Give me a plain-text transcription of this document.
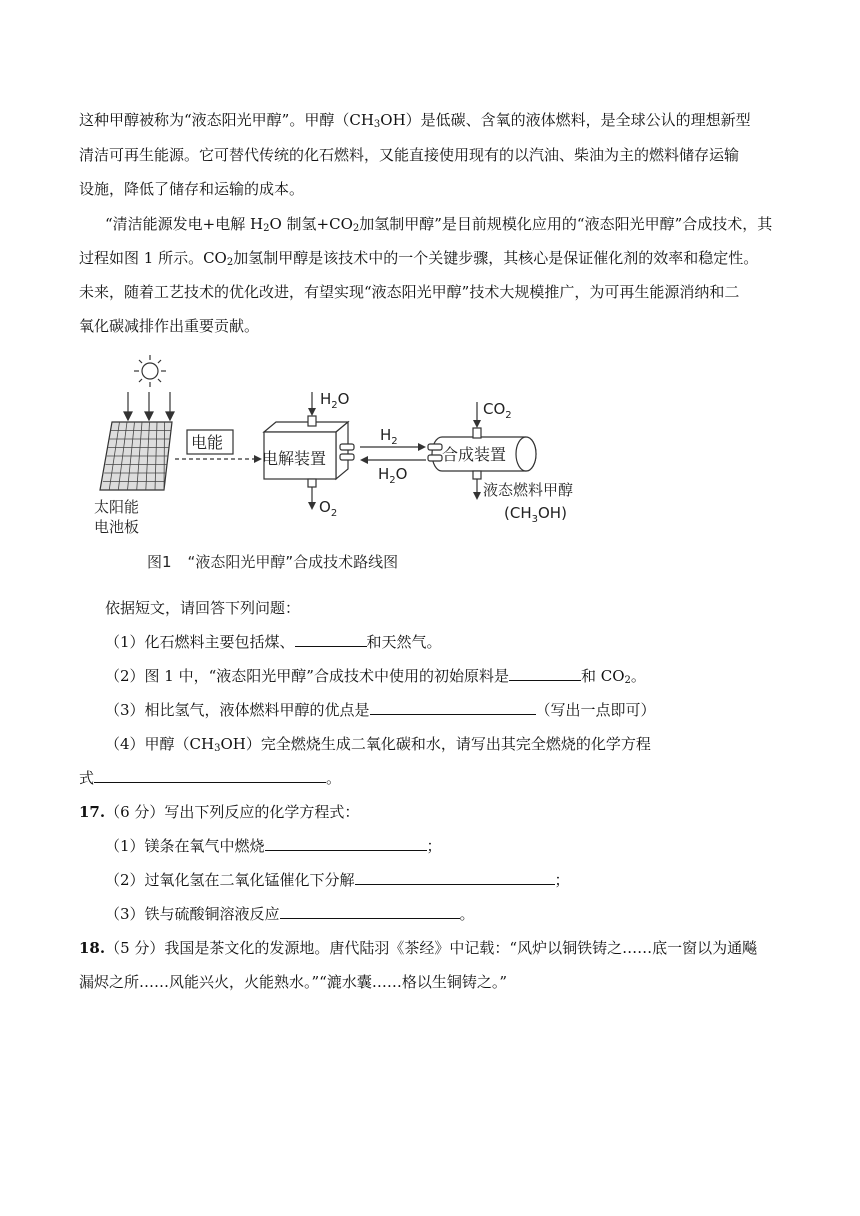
这种甲醇被称为“液态阳光甲醇”。甲醇$(CH_3OH)$是低碳、含氧的液体燃料，是全球公认的理想新型
清洁可再生能源。它可替代传统的化石燃料，又能直接使用现有的以汽油、柴油为主的燃料储存运输
设施，降低了储存和运输的成本。
“清洁能源发电+电解 $H_2O$ 制氢$+CO_2$加氢制甲醇”是目前规模化应用的“液态阳光甲醇”合成技术，其
过程如图 1 所示。$CO_2$加氢制甲醇是该技术中的一个关键步骤，其核心是保证催化剂的效率和稳定性。
未来，随着工艺技术的优化改进，有望实现“液态阳光甲醇”技术大规模推广，为可再生能源消纳和二
氧化碳减排作出重要贡献。
太阳能
电池板
电能
电解装置
$H_2O$
$O_2$
$H_2$
$H_2O$
合成装置
$CO_2$
液态燃料甲醇
$(CH_3OH)$
图1 “液态阳光甲醇”合成技术路线图
依据短文，请回答下列问题：
（1）化石燃料主要包括煤、	和天然气。
（2）图 1 中，“液态阳光甲醇”合成技术中使用的初始原料是	和 $CO_2$。
（3）相比氢气，液体燃料甲醇的优点是	（写出一点即可）
（4）甲醇$(CH_3OH)$完全燃烧生成二氧化碳和水，请写出其完全燃烧的化学方程
式	。
17.（6 分）写出下列反应的化学方程式：
（1）镁条在氧气中燃烧	；
（2）过氧化氢在二氧化锰催化下分解	；
（3）铁与硫酸铜溶液反应	。
18.（5 分）我国是茶文化的发源地。唐代陆羽《茶经》中记载：“风炉以铜铁铸之……底一窗以为通飚
漏烬之所……风能兴火，火能熟水。”“漉水囊……格以生铜铸之。”
